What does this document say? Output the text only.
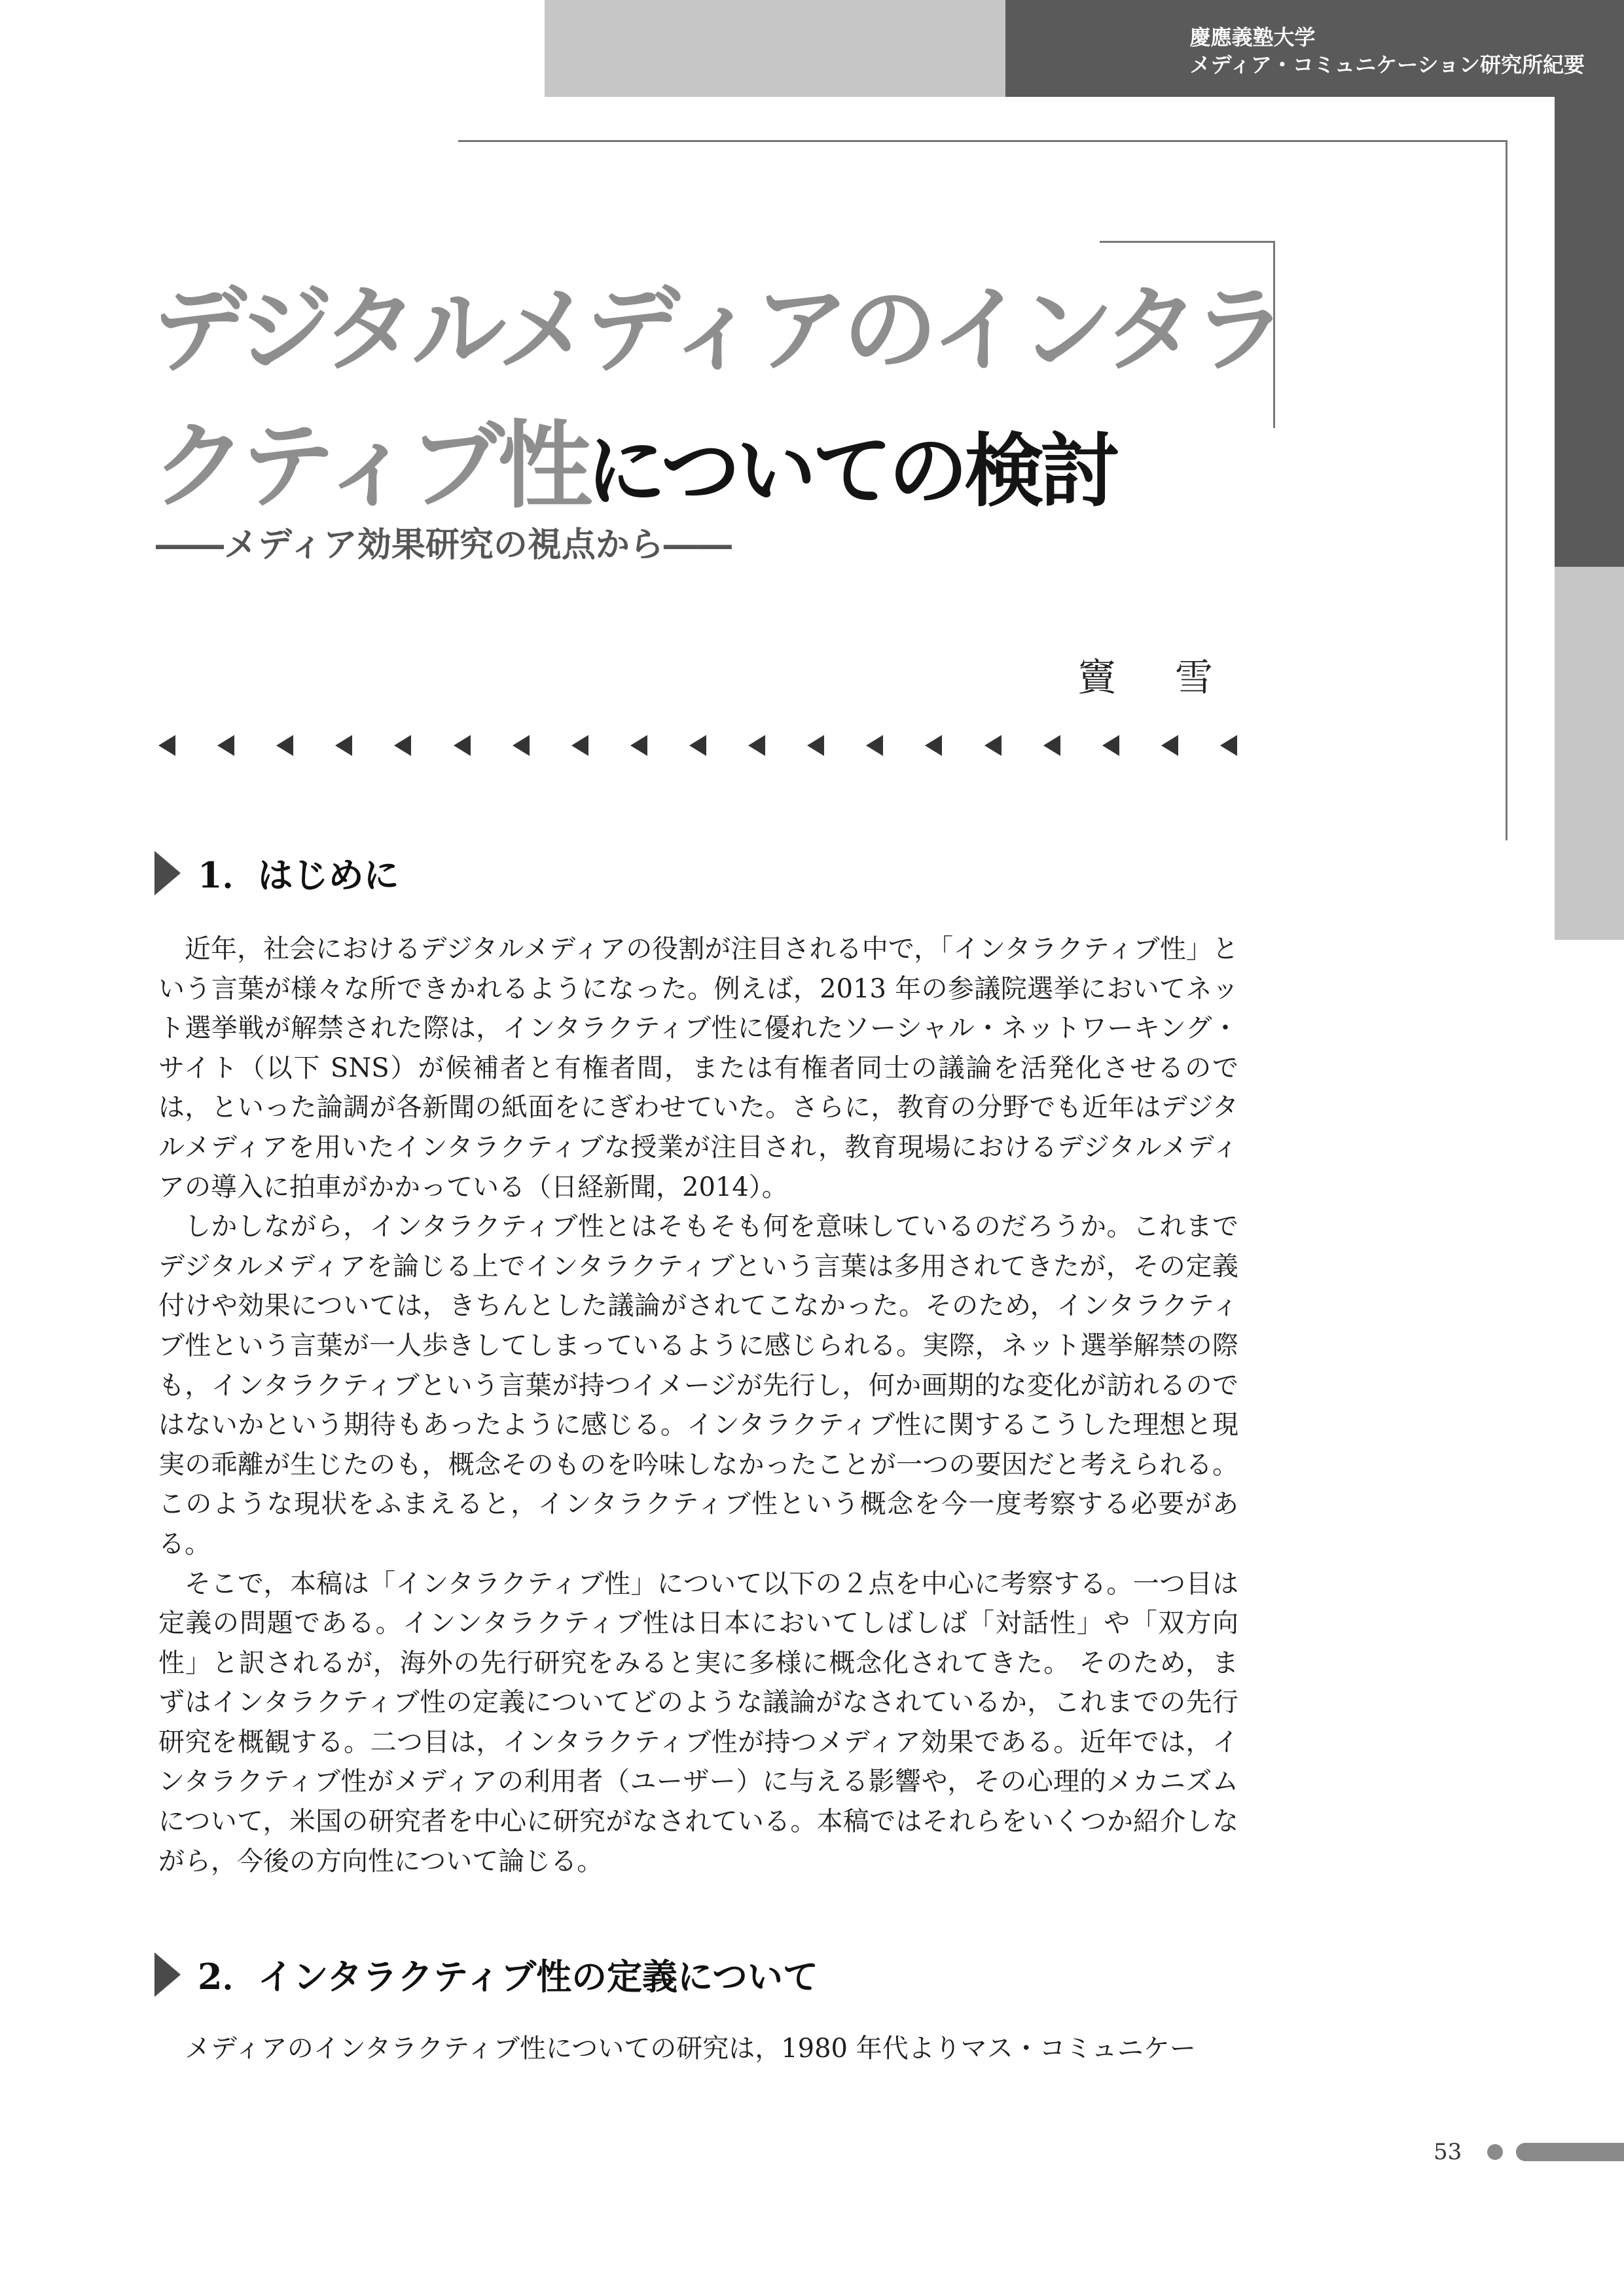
慶應義塾大学
メディア・コミュニケーション研究所紀要
デジタルメディアのインタラ
クティブ性についての検討
――メディア効果研究の視点から――
竇 雪
1．はじめに

近年，社会におけるデジタルメディアの役割が注目される中で，「インタラクティブ性」という言葉が様々な所できかれるようになった。例えば，2013 年の参議院選挙においてネット選挙戦が解禁された際は，インタラクティブ性に優れたソーシャル・ネットワーキング・サイト（以下 SNS）が候補者と有権者間，または有権者同士の議論を活発化させるのでは，といった論調が各新聞の紙面をにぎわせていた。さらに，教育の分野でも近年はデジタルメディアを用いたインタラクティブな授業が注目され，教育現場におけるデジタルメディアの導入に拍車がかかっている（日経新聞，2014）。

しかしながら，インタラクティブ性とはそもそも何を意味しているのだろうか。これまでデジタルメディアを論じる上でインタラクティブという言葉は多用されてきたが，その定義付けや効果については，きちんとした議論がされてこなかった。そのため，インタラクティブ性という言葉が一人歩きしてしまっているように感じられる。実際，ネット選挙解禁の際も，インタラクティブという言葉が持つイメージが先行し，何か画期的な変化が訪れるのではないかという期待もあったように感じる。インタラクティブ性に関するこうした理想と現実の乖離が生じたのも，概念そのものを吟味しなかったことが一つの要因だと考えられる。このような現状をふまえると，インタラクティブ性という概念を今一度考察する必要がある。

そこで，本稿は「インタラクティブ性」について以下の２点を中心に考察する。一つ目は定義の問題である。インンタラクティブ性は日本においてしばしば「対話性」や「双方向性」と訳されるが，海外の先行研究をみると実に多様に概念化されてきた。 そのため，まずはインタラクティブ性の定義についてどのような議論がなされているか，これまでの先行研究を概観する。二つ目は，インタラクティブ性が持つメディア効果である。近年では，インタラクティブ性がメディアの利用者（ユーザー）に与える影響や，その心理的メカニズムについて，米国の研究者を中心に研究がなされている。本稿ではそれらをいくつか紹介しながら，今後の方向性について論じる。

2．インタラクティブ性の定義について

メディアのインタラクティブ性についての研究は，1980 年代よりマス・コミュニケー

53
